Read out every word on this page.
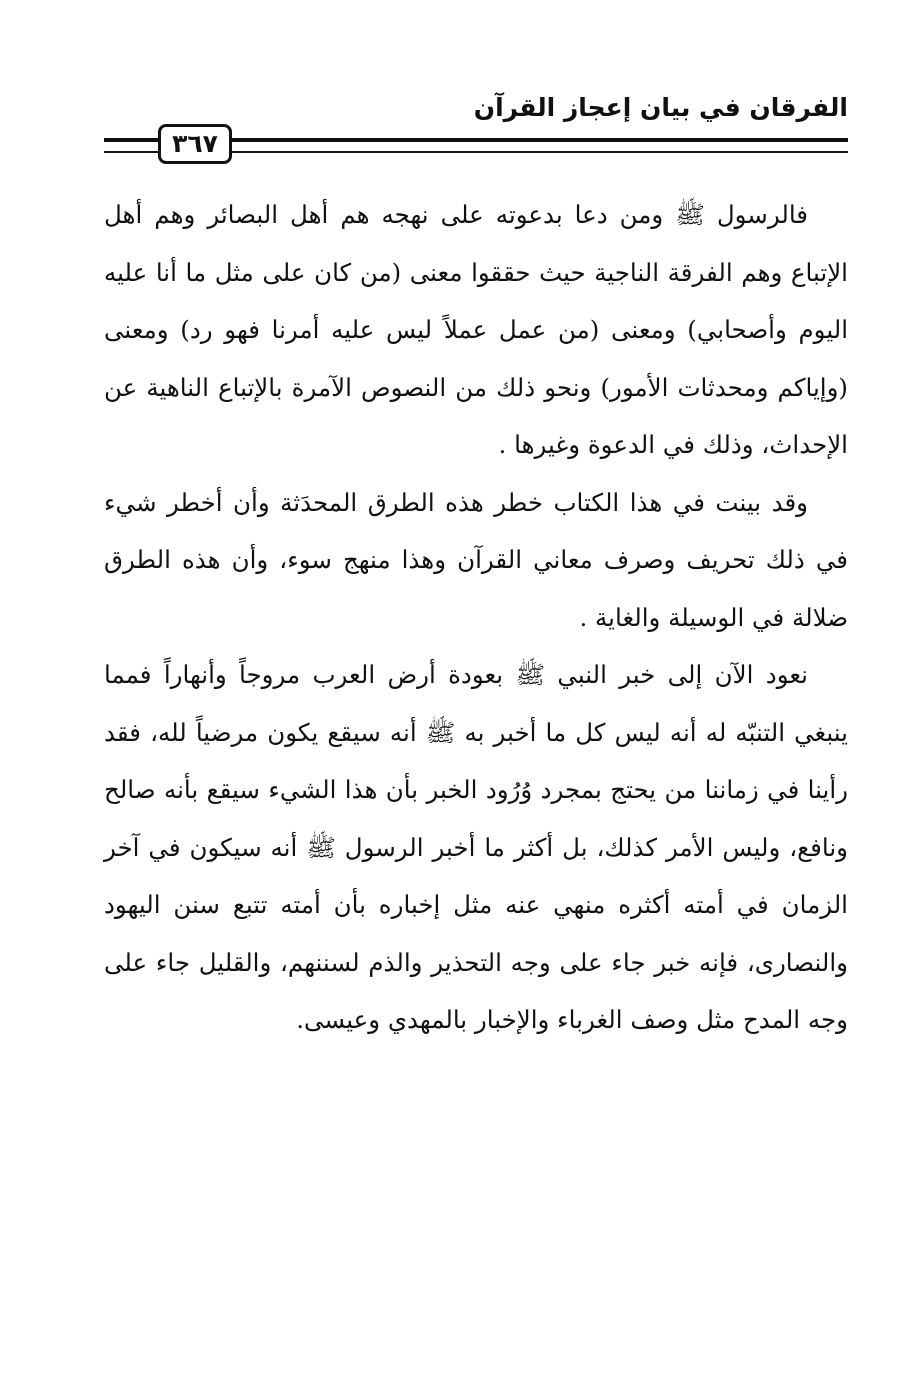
الفرقان في بيان إعجاز القرآن
٣٦٧

فالرسول ﷺ ومن دعا بدعوته على نهجه هم أهل البصائر وهم أهل الإتباع وهم الفرقة الناجية حيث حققوا معنى (من كان على مثل ما أنا عليه اليوم وأصحابي) ومعنى (من عمل عملاً ليس عليه أمرنا فهو رد) ومعنى (وإياكم ومحدثات الأمور) ونحو ذلك من النصوص الآمرة بالإتباع الناهية عن الإحداث، وذلك في الدعوة وغيرها .

وقد بينت في هذا الكتاب خطر هذه الطرق المحدَثة وأن أخطر شيء في ذلك تحريف وصرف معاني القرآن وهذا منهج سوء، وأن هذه الطرق ضلالة في الوسيلة والغاية .

نعود الآن إلى خبر النبي ﷺ بعودة أرض العرب مروجاً وأنهاراً فمما ينبغي التنبّه له أنه ليس كل ما أخبر به ﷺ أنه سيقع يكون مرضياً لله، فقد رأينا في زماننا من يحتج بمجرد وُرُود الخبر بأن هذا الشيء سيقع بأنه صالح ونافع، وليس الأمر كذلك، بل أكثر ما أخبر الرسول ﷺ أنه سيكون في آخر الزمان في أمته أكثره منهي عنه مثل إخباره بأن أمته تتبع سنن اليهود والنصارى، فإنه خبر جاء على وجه التحذير والذم لسننهم، والقليل جاء على وجه المدح مثل وصف الغرباء والإخبار بالمهدي وعيسى.
